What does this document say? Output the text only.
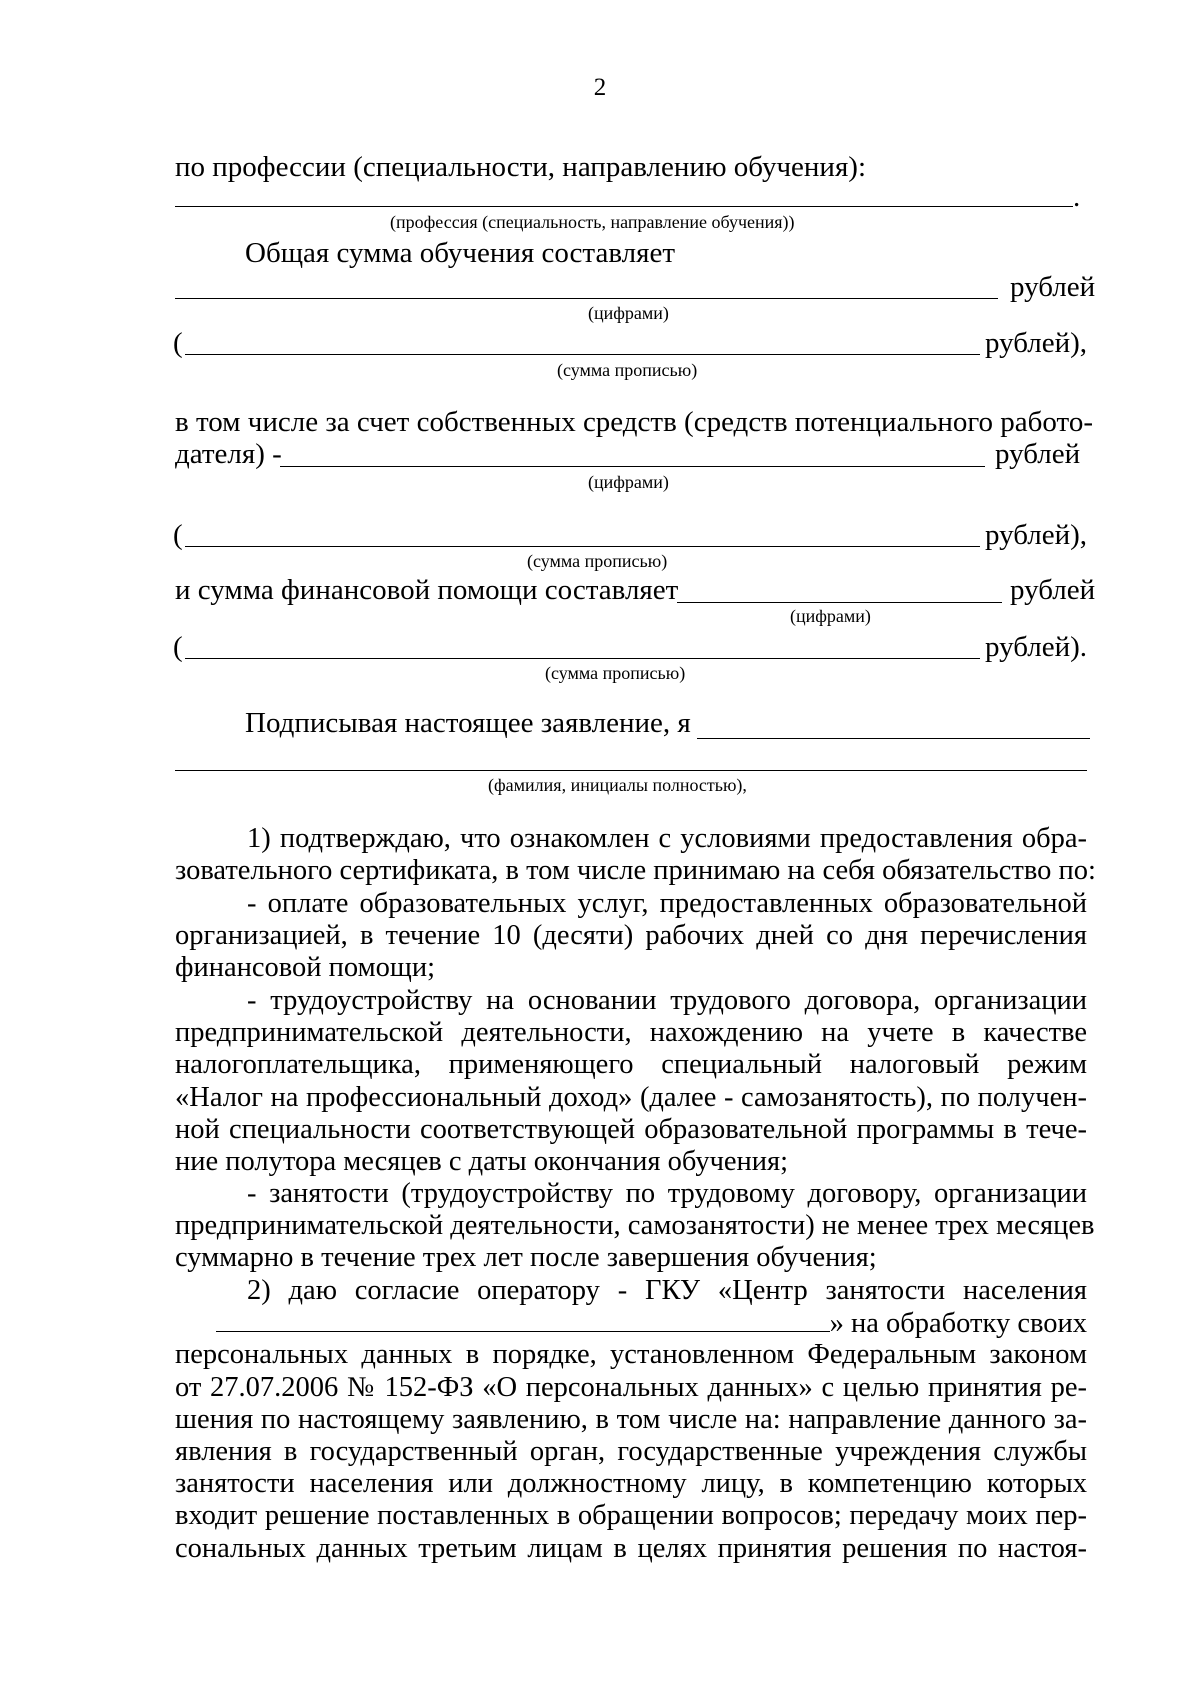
2
по профессии (специальности, направлению обучения):
.
(профессия (специальность, направление обучения))
Общая сумма обучения составляет
рублей
(цифрами)
(	рублей),
(сумма прописью)
в том числе за счет собственных средств (средств потенциального работо-
дателя) -	рублей
(цифрами)
(	рублей),
(сумма прописью)
и сумма финансовой помощи составляет	рублей
(цифрами)
(	рублей).
(сумма прописью)
Подписывая настоящее заявление, я
(фамилия, инициалы полностью),
1) подтверждаю, что ознакомлен с условиями предоставления обра-
зовательного сертификата, в том числе принимаю на себя обязательство по:
- оплате образовательных услуг, предоставленных образовательной
организацией, в течение 10 (десяти) рабочих дней со дня перечисления
финансовой помощи;
- трудоустройству на основании трудового договора, организации
предпринимательской деятельности, нахождению на учете в качестве
налогоплательщика, применяющего специальный налоговый режим
«Налог на профессиональный доход» (далее - самозанятость), по получен-
ной специальности соответствующей образовательной программы в тече-
ние полутора месяцев с даты окончания обучения;
- занятости (трудоустройству по трудовому договору, организации
предпринимательской деятельности, самозанятости) не менее трех месяцев
суммарно в течение трех лет после завершения обучения;
2) даю согласие оператору - ГКУ «Центр занятости населения
» на обработку своих
персональных данных в порядке, установленном Федеральным законом
от 27.07.2006 № 152-ФЗ «О персональных данных» с целью принятия ре-
шения по настоящему заявлению, в том числе на: направление данного за-
явления в государственный орган, государственные учреждения службы
занятости населения или должностному лицу, в компетенцию которых
входит решение поставленных в обращении вопросов; передачу моих пер-
сональных данных третьим лицам в целях принятия решения по настоя-
